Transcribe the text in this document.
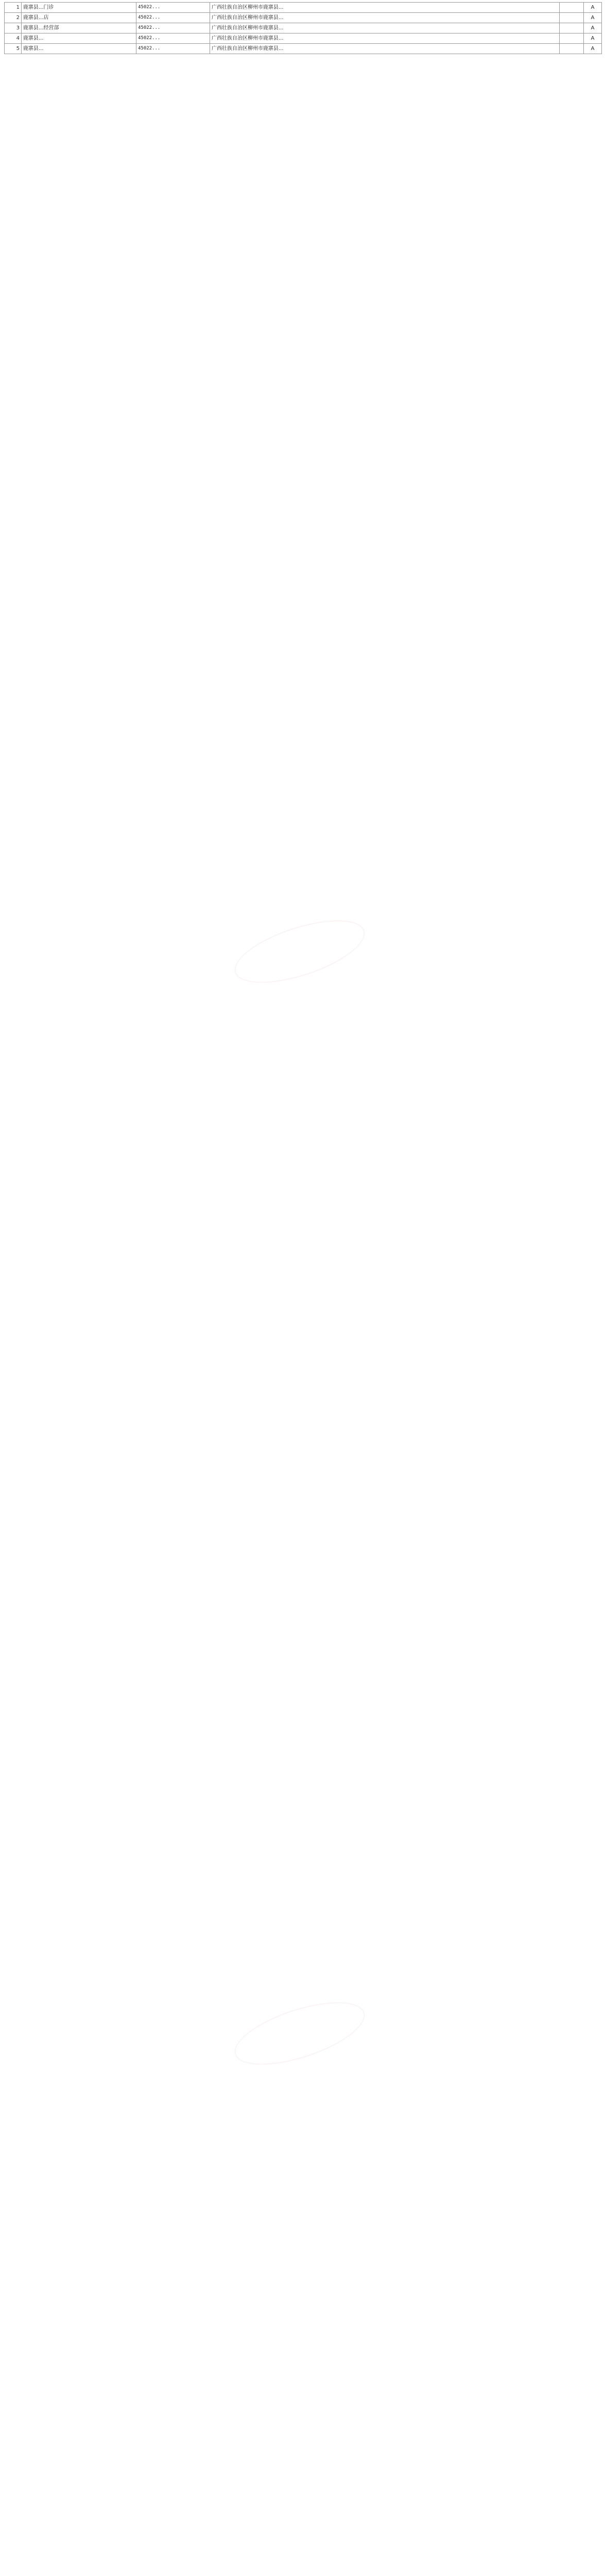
1	鹿寨县...门诊	45022...	广西壮族自治区柳州市鹿寨县...		A
2	鹿寨县...店	45022...	广西壮族自治区柳州市鹿寨县...		A
3	鹿寨县...经营部	45022...	广西壮族自治区柳州市鹿寨县...		A
4	鹿寨县...	45022...	广西壮族自治区柳州市鹿寨县...		A
5	鹿寨县...	45022...	广西壮族自治区柳州市鹿寨县...		A
